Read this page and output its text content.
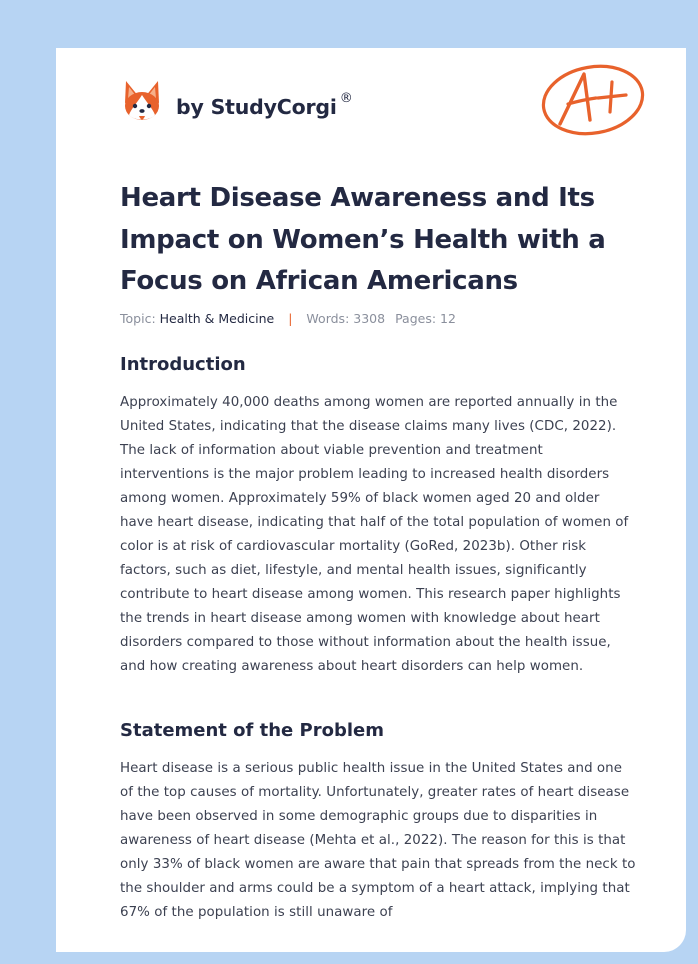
by StudyCorgi ®
Heart Disease Awareness and Its Impact on Women’s Health with a Focus on African Americans
Topic: Health & Medicine | Words: 3308 Pages: 12
Introduction

Approximately 40,000 deaths among women are reported annually in the United States, indicating that the disease claims many lives (CDC, 2022). The lack of information about viable prevention and treatment interventions is the major problem leading to increased health disorders among women. Approximately 59% of black women aged 20 and older have heart disease, indicating that half of the total population of women of color is at risk of cardiovascular mortality (GoRed, 2023b). Other risk factors, such as diet, lifestyle, and mental health issues, significantly contribute to heart disease among women. This research paper highlights the trends in heart disease among women with knowledge about heart disorders compared to those without information about the health issue, and how creating awareness about heart disorders can help women.

Statement of the Problem

Heart disease is a serious public health issue in the United States and one of the top causes of mortality. Unfortunately, greater rates of heart disease have been observed in some demographic groups due to disparities in awareness of heart disease (Mehta et al., 2022). The reason for this is that only 33% of black women are aware that pain that spreads from the neck to the shoulder and arms could be a symptom of a heart attack, implying that 67% of the population is still unaware of
